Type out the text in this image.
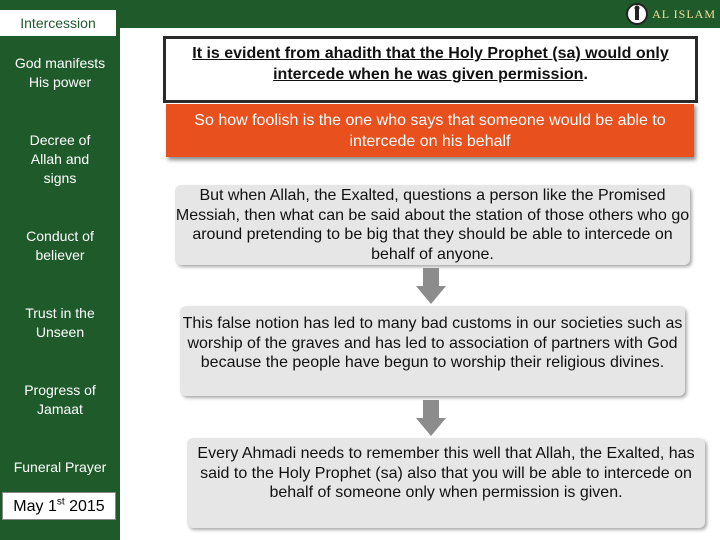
Intercession
God manifests His power
Decree of Allah and signs
Conduct of believer
Trust in the Unseen
Progress of Jamaat
Funeral Prayer
May 1st 2015
AL ISLAM
It is evident from ahadith that the Holy Prophet (sa) would only intercede when he was given permission.
So how foolish is the one who says that someone would be able to intercede on his behalf
But when Allah, the Exalted, questions a person like the Promised Messiah, then what can be said about the station of those others who go around pretending to be big that they should be able to intercede on behalf of anyone.
This false notion has led to many bad customs in our societies such as worship of the graves and has led to association of partners with God because the people have begun to worship their religious divines.
Every Ahmadi needs to remember this well that Allah, the Exalted, has said to the Holy Prophet (sa) also that you will be able to intercede on behalf of someone only when permission is given.
